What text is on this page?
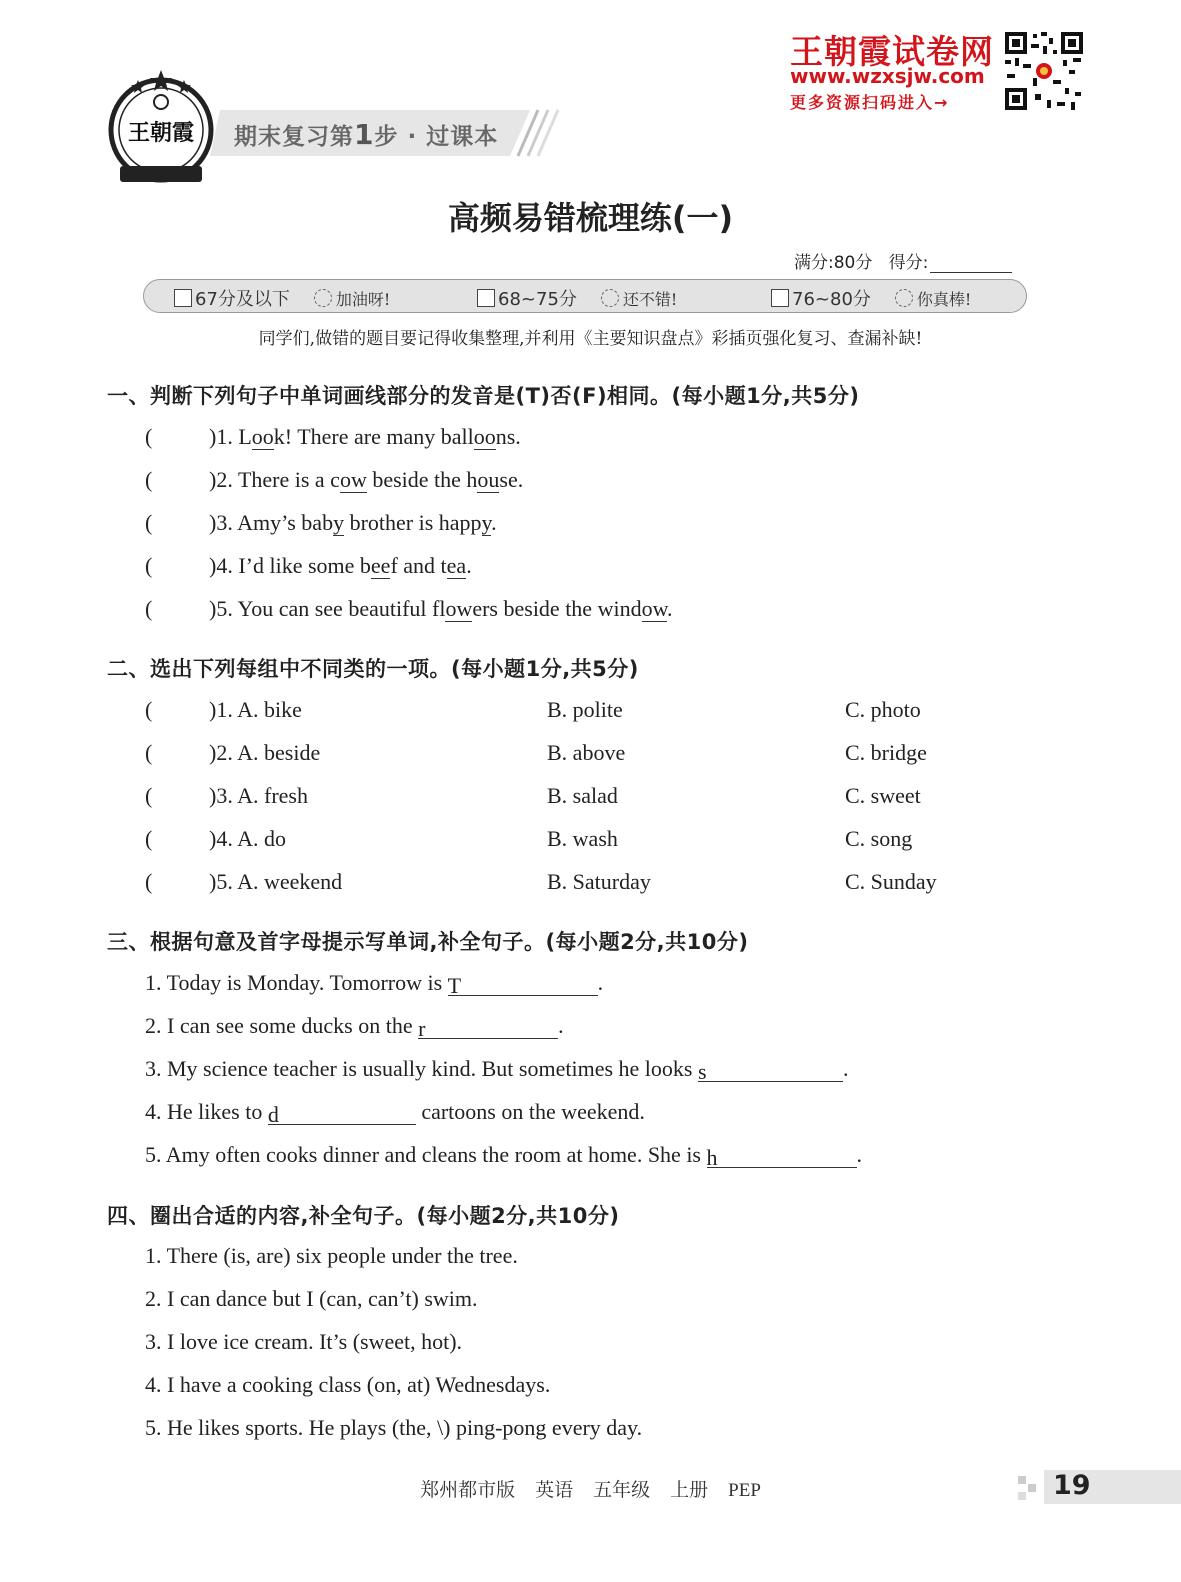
王朝霞 期末复习第1步 · 过课本
王朝霞试卷网
www.wzxsjw.com
更多资源扫码进入→
高频易错梳理练(一)
满分:80分 得分:
67分及以下	加油呀!	68~75分	还不错!	76~80分	你真棒!
同学们,做错的题目要记得收集整理,并利用《主要知识盘点》彩插页强化复习、查漏补缺!
一、判断下列句子中单词画线部分的发音是(T)否(F)相同。(每小题1分,共5分)
(	)1. Look! There are many balloons.
(	)2. There is a cow beside the house.
(	)3. Amy’s baby brother is happy.
(	)4. I’d like some beef and tea.
(	)5. You can see beautiful flowers beside the window.
二、选出下列每组中不同类的一项。(每小题1分,共5分)
(	)1. A. bike	B. polite	C. photo
(	)2. A. beside	B. above	C. bridge
(	)3. A. fresh	B. salad	C. sweet
(	)4. A. do	B. wash	C. song
(	)5. A. weekend	B. Saturday	C. Sunday
三、根据句意及首字母提示写单词,补全句子。(每小题2分,共10分)
1. Today is Monday. Tomorrow is T	.
2. I can see some ducks on the r	.
3. My science teacher is usually kind. But sometimes he looks s	.
4. He likes to d	cartoons on the weekend.
5. Amy often cooks dinner and cleans the room at home. She is h	.
四、圈出合适的内容,补全句子。(每小题2分,共10分)
1. There (is, are) six people under the tree.
2. I can dance but I (can, can’t) swim.
3. I love ice cream. It’s (sweet, hot).
4. I have a cooking class (on, at) Wednesdays.
5. He likes sports. He plays (the, \) ping-pong every day.
郑州都市版 英语 五年级 上册 PEP	19
